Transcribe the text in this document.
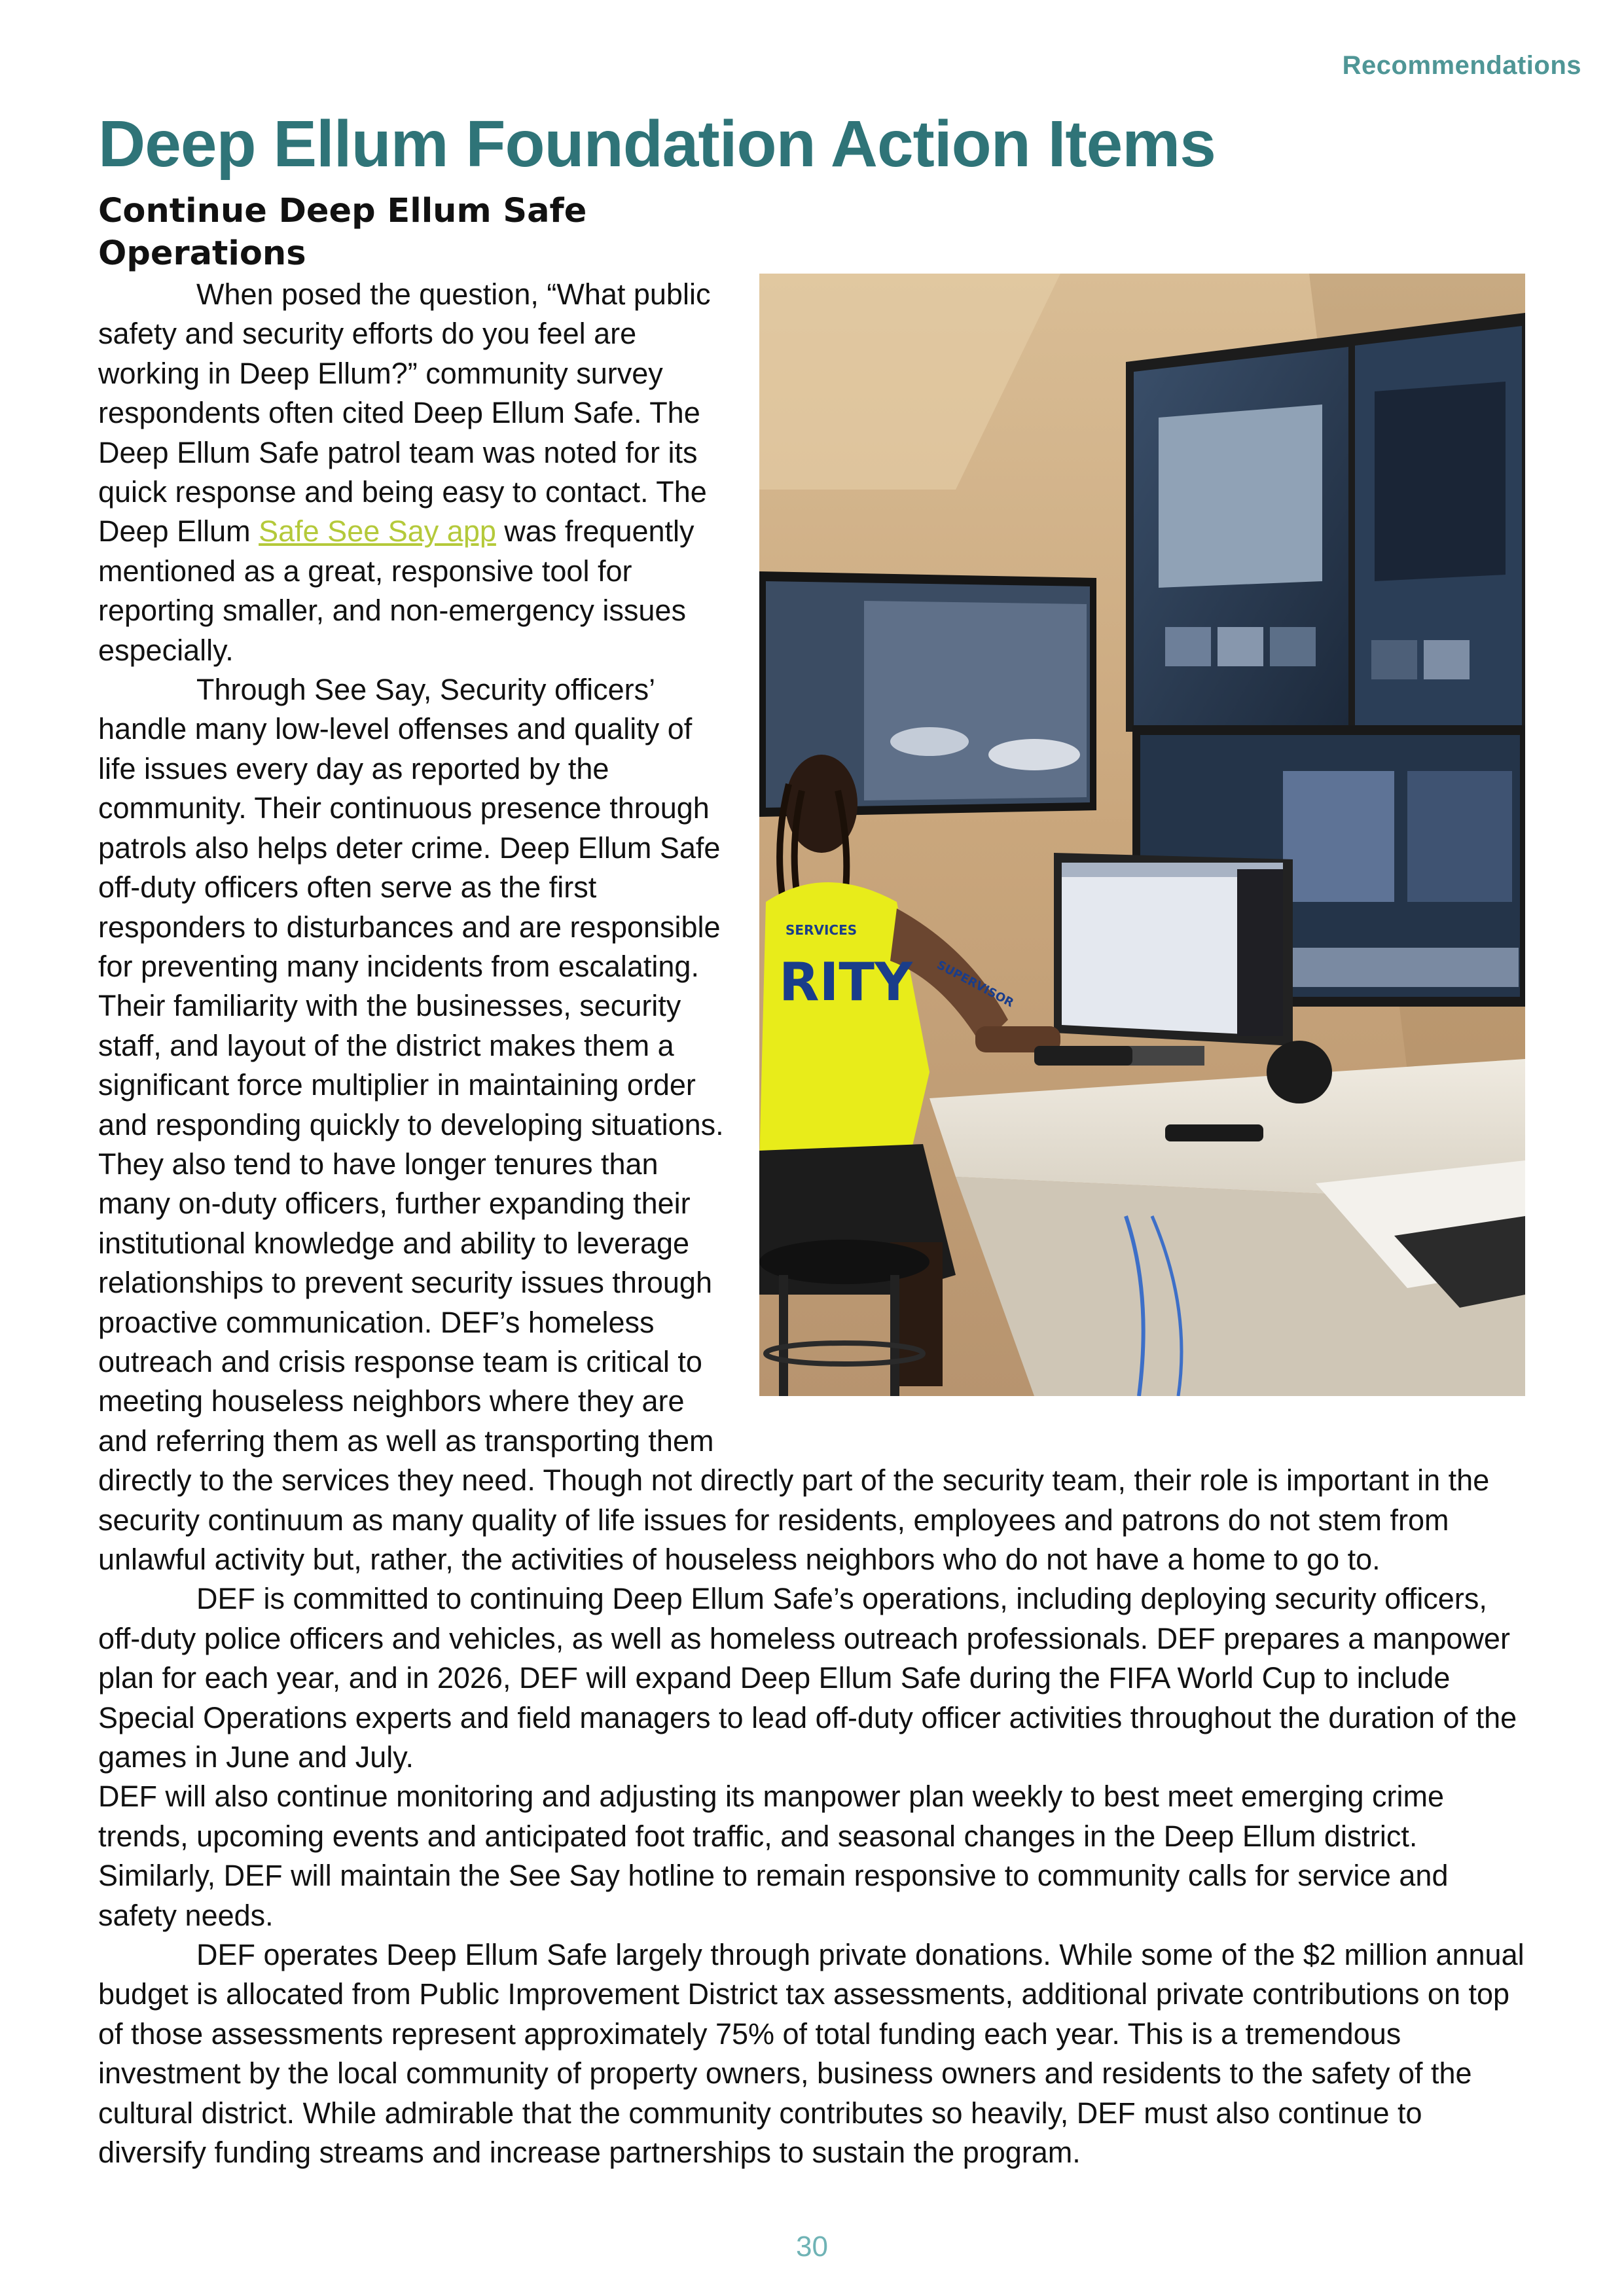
Recommendations
Deep Ellum Foundation Action Items
Continue Deep Ellum Safe Operations
RITY
SERVICES
SUPERVISOR

When posed the question, “What public safety and security efforts do you feel are working in Deep Ellum?” community survey respondents often cited Deep Ellum Safe. The Deep Ellum Safe patrol team was noted for its quick response and being easy to contact. The Deep Ellum Safe See Say app was frequently mentioned as a great, responsive tool for reporting smaller, and non-emergency issues especially.

Through See Say, Security officers’ handle many low-level offenses and quality of life issues every day as reported by the community. Their continuous presence through patrols also helps deter crime. Deep Ellum Safe off-duty officers often serve as the first responders to disturbances and are responsible for preventing many incidents from escalating. Their familiarity with the businesses, security staff, and layout of the district makes them a significant force multiplier in maintaining order and responding quickly to developing situations. They also tend to have longer tenures than many on-duty officers, further expanding their institutional knowledge and ability to leverage relationships to prevent security issues through proactive communication. DEF’s homeless outreach and crisis response team is critical to meeting houseless neighbors where they are and referring them as well as transporting them directly to the services they need. Though not directly part of the security team, their role is important in the security continuum as many quality of life issues for residents, employees and patrons do not stem from unlawful activity but, rather, the activities of houseless neighbors who do not have a home to go to.

DEF is committed to continuing Deep Ellum Safe’s operations, including deploying security officers, off-duty police officers and vehicles, as well as homeless outreach professionals. DEF prepares a manpower plan for each year, and in 2026, DEF will expand Deep Ellum Safe during the FIFA World Cup to include Special Operations experts and field managers to lead off-duty officer activities throughout the duration of the games in June and July.

DEF will also continue monitoring and adjusting its manpower plan weekly to best meet emerging crime trends, upcoming events and anticipated foot traffic, and seasonal changes in the Deep Ellum district. Similarly, DEF will maintain the See Say hotline to remain responsive to community calls for service and safety needs.

DEF operates Deep Ellum Safe largely through private donations. While some of the $2 million annual budget is allocated from Public Improvement District tax assessments, additional private contributions on top of those assessments represent approximately 75% of total funding each year. This is a tremendous investment by the local community of property owners, business owners and residents to the safety of the cultural district. While admirable that the community contributes so heavily, DEF must also continue to diversify funding streams and increase partnerships to sustain the program.

30
